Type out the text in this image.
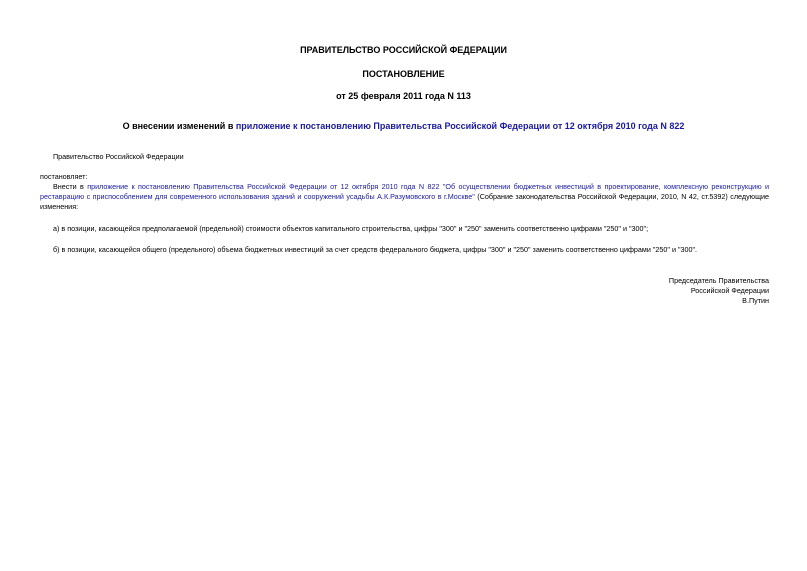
ПРАВИТЕЛЬСТВО РОССИЙСКОЙ ФЕДЕРАЦИИ
ПОСТАНОВЛЕНИЕ
от 25 февраля 2011 года N 113
О внесении изменений в приложение к постановлению Правительства Российской Федерации от 12 октября 2010 года N 822
Правительство Российской Федерации
постановляет:
Внести в приложение к постановлению Правительства Российской Федерации от 12 октября 2010 года N 822 "Об осуществлении бюджетных инвестиций в проектирование, комплексную реконструкцию и реставрацию с приспособлением для современного использования зданий и сооружений усадьбы А.К.Разумовского в г.Москве" (Собрание законодательства Российской Федерации, 2010, N 42, ст.5392) следующие изменения:
а) в позиции, касающейся предполагаемой (предельной) стоимости объектов капитального строительства, цифры "300" и "250" заменить соответственно цифрами "250" и "300";
б) в позиции, касающейся общего (предельного) объема бюджетных инвестиций за счет средств федерального бюджета, цифры "300" и "250" заменить соответственно цифрами "250" и "300".
Председатель Правительства
Российской Федерации
В.Путин
